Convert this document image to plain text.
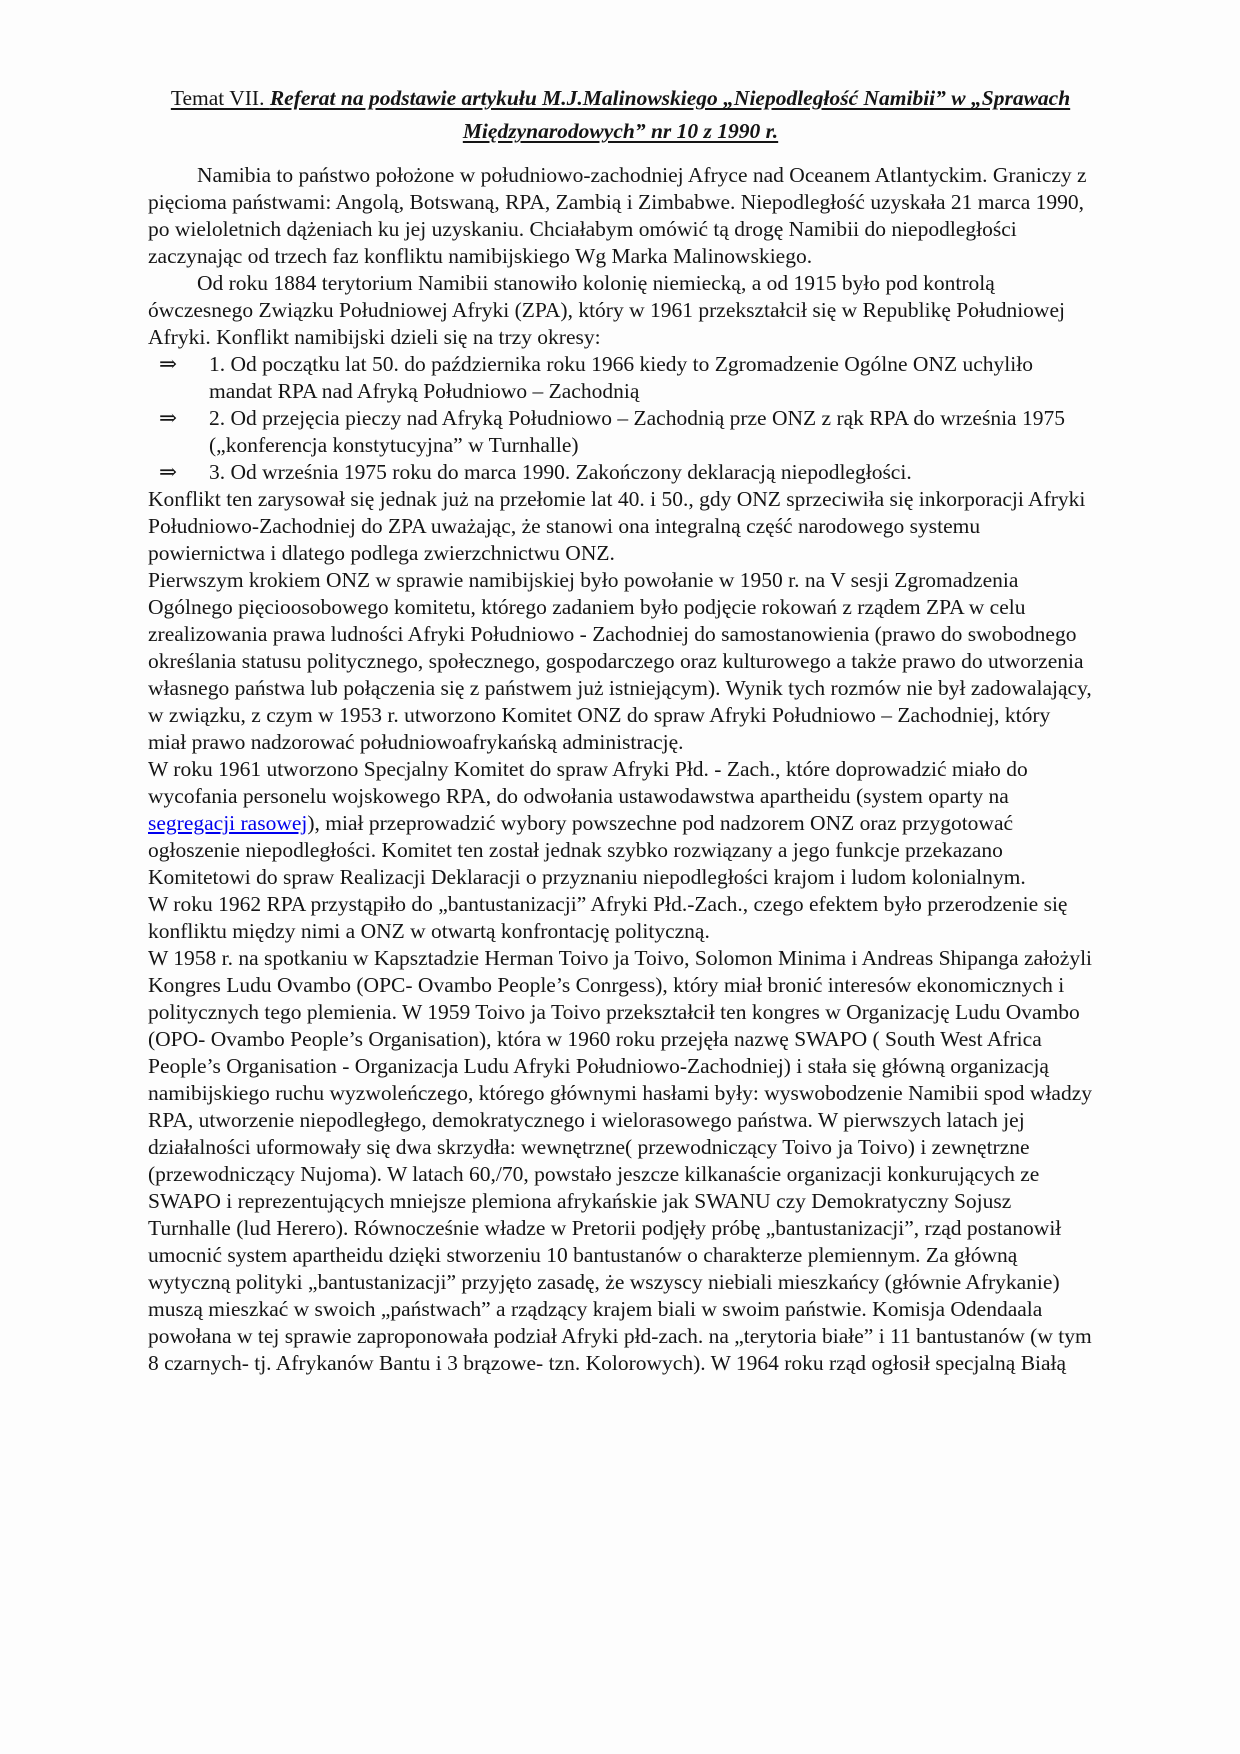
Temat VII. Referat na podstawie artykułu M.J.Malinowskiego „Niepodległość Namibii” w „Sprawach Międzynarodowych” nr 10 z 1990 r.

Namibia to państwo położone w południowo-zachodniej Afryce nad Oceanem Atlantyckim. Graniczy z pięcioma państwami: Angolą, Botswaną, RPA, Zambią i Zimbabwe. Niepodległość uzyskała 21 marca 1990, po wieloletnich dążeniach ku jej uzyskaniu. Chciałabym omówić tą drogę Namibii do niepodległości zaczynając od trzech faz konfliktu namibijskiego Wg Marka Malinowskiego.

Od roku 1884 terytorium Namibii stanowiło kolonię niemiecką, a od 1915 było pod kontrolą ówczesnego Związku Południowej Afryki (ZPA), który w 1961 przekształcił się w Republikę Południowej Afryki. Konflikt namibijski dzieli się na trzy okresy:

⇒ 1. Od początku lat 50. do października roku 1966 kiedy to Zgromadzenie Ogólne ONZ uchyliło mandat RPA nad Afryką Południowo – Zachodnią
⇒ 2. Od przejęcia pieczy nad Afryką Południowo – Zachodnią prze ONZ z rąk RPA do września 1975 („konferencja konstytucyjna” w Turnhalle)
⇒ 3. Od września 1975 roku do marca 1990. Zakończony deklaracją niepodległości.

Konflikt ten zarysował się jednak już na przełomie lat 40. i 50., gdy ONZ sprzeciwiła się inkorporacji Afryki Południowo-Zachodniej do ZPA uważając, że stanowi ona integralną część narodowego systemu powiernictwa i dlatego podlega zwierzchnictwu ONZ.

Pierwszym krokiem ONZ w sprawie namibijskiej było powołanie w 1950 r. na V sesji Zgromadzenia Ogólnego pięcioosobowego komitetu, którego zadaniem było podjęcie rokowań z rządem ZPA w celu zrealizowania prawa ludności Afryki Południowo - Zachodniej do samostanowienia (prawo do swobodnego określania statusu politycznego, społecznego, gospodarczego oraz kulturowego a także prawo do utworzenia własnego państwa lub połączenia się z państwem już istniejącym). Wynik tych rozmów nie był zadowalający, w związku, z czym w 1953 r. utworzono Komitet ONZ do spraw Afryki Południowo – Zachodniej, który miał prawo nadzorować południowoafrykańską administrację.

W roku 1961 utworzono Specjalny Komitet do spraw Afryki Płd. - Zach., które doprowadzić miało do wycofania personelu wojskowego RPA, do odwołania ustawodawstwa apartheidu (system oparty na segregacji rasowej), miał przeprowadzić wybory powszechne pod nadzorem ONZ oraz przygotować ogłoszenie niepodległości. Komitet ten został jednak szybko rozwiązany a jego funkcje przekazano Komitetowi do spraw Realizacji Deklaracji o przyznaniu niepodległości krajom i ludom kolonialnym.

W roku 1962 RPA przystąpiło do „bantustanizacji” Afryki Płd.-Zach., czego efektem było przerodzenie się konfliktu między nimi a ONZ w otwartą konfrontację polityczną.

W 1958 r. na spotkaniu w Kapsztadzie Herman Toivo ja Toivo, Solomon Minima i Andreas Shipanga założyli Kongres Ludu Ovambo (OPC- Ovambo People’s Conrgess), który miał bronić interesów ekonomicznych i politycznych tego plemienia. W 1959 Toivo ja Toivo przekształcił ten kongres w Organizację Ludu Ovambo (OPO- Ovambo People’s Organisation), która w 1960 roku przejęła nazwę SWAPO ( South West Africa People’s Organisation - Organizacja Ludu Afryki Południowo-Zachodniej) i stała się główną organizacją namibijskiego ruchu wyzwoleńczego, którego głównymi hasłami były: wyswobodzenie Namibii spod władzy RPA, utworzenie niepodległego, demokratycznego i wielorasowego państwa. W pierwszych latach jej działalności uformowały się dwa skrzydła: wewnętrzne( przewodniczący Toivo ja Toivo) i zewnętrzne (przewodniczący Nujoma). W latach 60,/70, powstało jeszcze kilkanaście organizacji konkurujących ze SWAPO i reprezentujących mniejsze plemiona afrykańskie jak SWANU czy Demokratyczny Sojusz Turnhalle (lud Herero). Równocześnie władze w Pretorii podjęły próbę „bantustanizacji”, rząd postanowił umocnić system apartheidu dzięki stworzeniu 10 bantustanów o charakterze plemiennym. Za główną wytyczną polityki „bantustanizacji” przyjęto zasadę, że wszyscy niebiali mieszkańcy (głównie Afrykanie) muszą mieszkać w swoich „państwach” a rządzący krajem biali w swoim państwie. Komisja Odendaala powołana w tej sprawie zaproponowała podział Afryki płd-zach. na „terytoria białe” i 11 bantustanów (w tym 8 czarnych- tj. Afrykanów Bantu i 3 brązowe- tzn. Kolorowych). W 1964 roku rząd ogłosił specjalną Białą
